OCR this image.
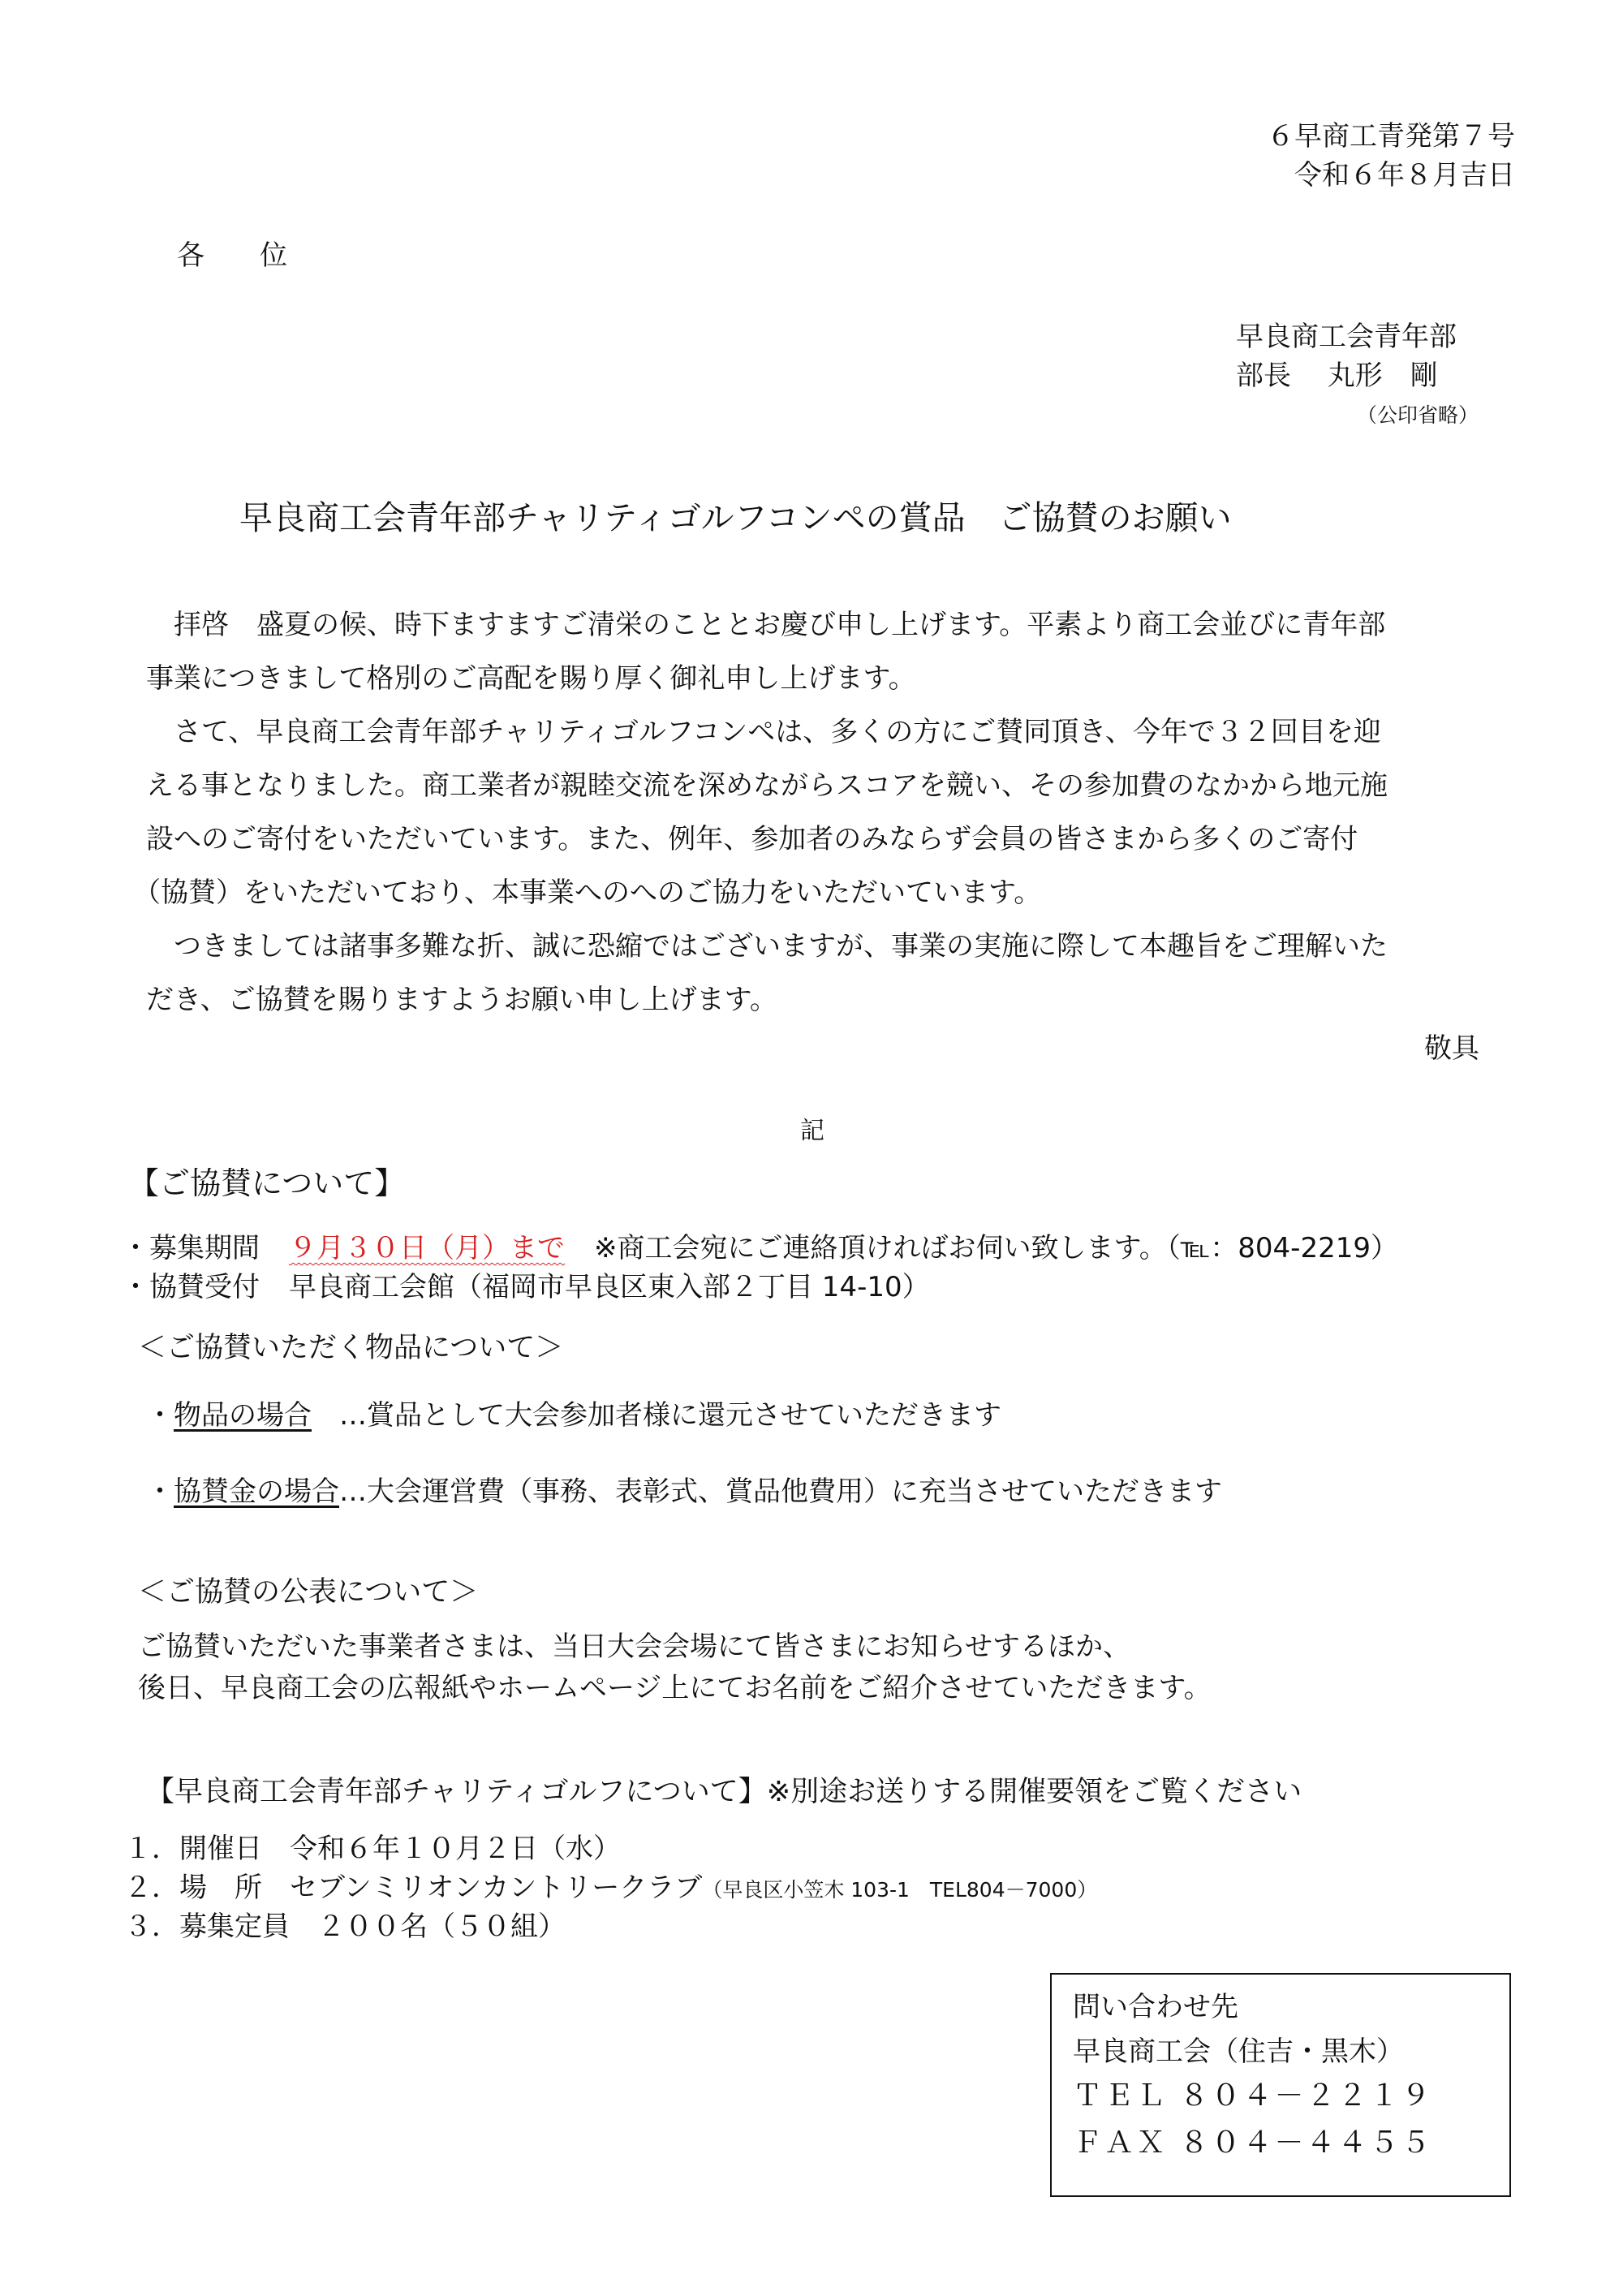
６早商工青発第７号
令和６年８月吉日
各　　位
早良商工会青年部
部長　 丸形　剛
（公印省略）
早良商工会青年部チャリティゴルフコンペの賞品　ご協賛のお願い
　拝啓　盛夏の候、時下ますますご清栄のこととお慶び申し上げます。平素より商工会並びに青年部
事業につきまして格別のご高配を賜り厚く御礼申し上げます。
　さて、早良商工会青年部チャリティゴルフコンペは、多くの方にご賛同頂き、今年で３２回目を迎
える事となりました。商工業者が親睦交流を深めながらスコアを競い、その参加費のなかから地元施
設へのご寄付をいただいています。また、例年、参加者のみならず会員の皆さまから多くのご寄付
（協賛）をいただいており、本事業へのへのご協力をいただいています。
　つきましては諸事多難な折、誠に恐縮ではございますが、事業の実施に際して本趣旨をご理解いた
だき、ご協賛を賜りますようお願い申し上げます。
敬具
記
【ご協賛について】
・募集期間 ９月３０日（月）まで ※商工会宛にご連絡頂ければお伺い致します。（℡：804-2219）
・協賛受付 早良商工会館（福岡市早良区東入部２丁目 14-10）
＜ご協賛いただく物品について＞
・物品の場合 …賞品として大会参加者様に還元させていただきます
・協賛金の場合…大会運営費（事務、表彰式、賞品他費用）に充当させていただきます
＜ご協賛の公表について＞
ご協賛いただいた事業者さまは、当日大会会場にて皆さまにお知らせするほか、
後日、早良商工会の広報紙やホームページ上にてお名前をご紹介させていただきます。
【早良商工会青年部チャリティゴルフについて】※別途お送りする開催要領をご覧ください
１．開催日　令和６年１０月２日（水）
２．場　所　セブンミリオンカントリークラブ（早良区小笠木 103-1　TEL804－7000）
３．募集定員　２００名（５０組）
問い合わせ先
早良商工会（住吉・黒木）
ＴＥＬ ８０４－２２１９
ＦＡＸ ８０４－４４５５
